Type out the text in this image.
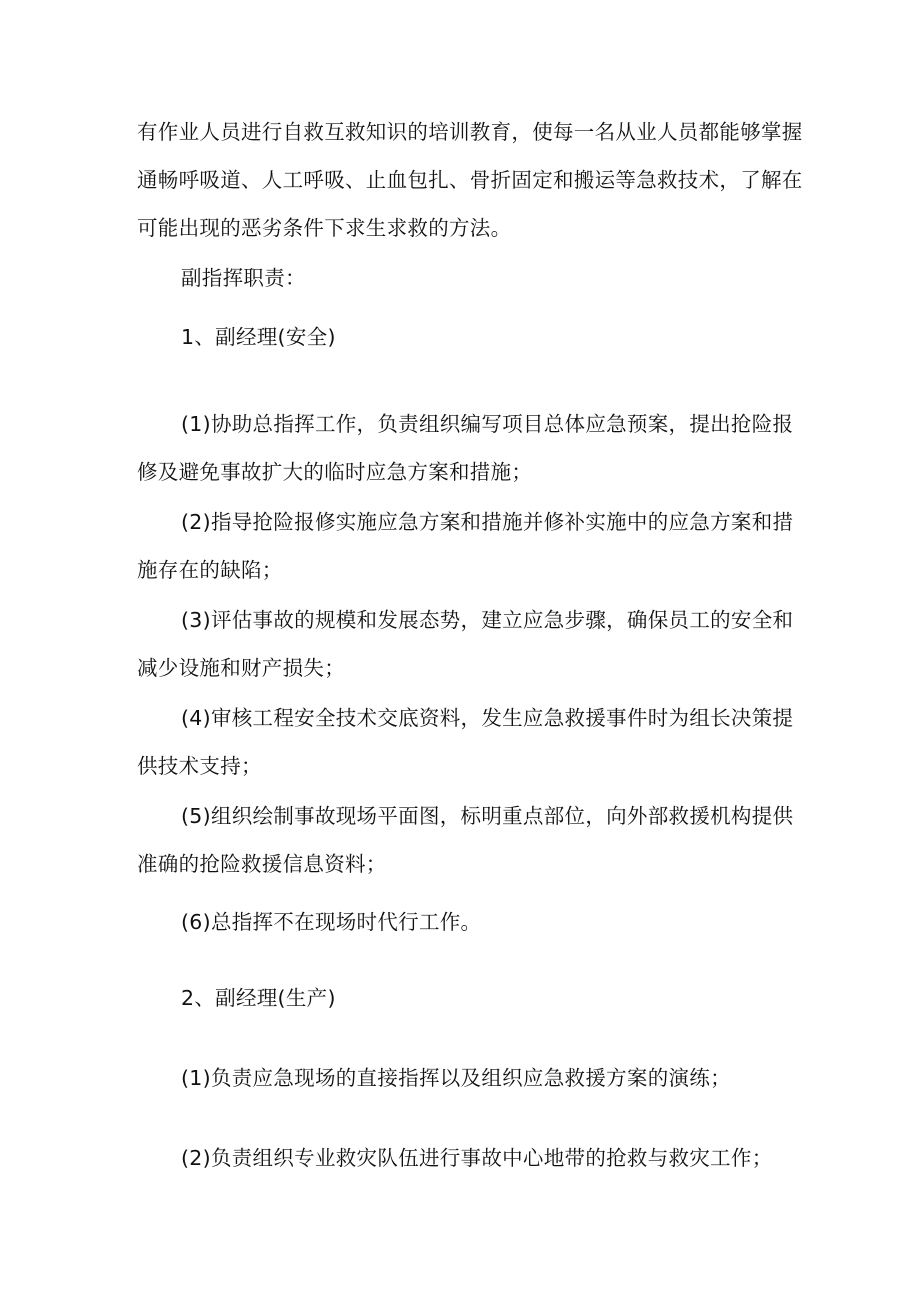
有作业人员进行自救互救知识的培训教育，使每一名从业人员都能够掌握
通畅呼吸道、人工呼吸、止血包扎、骨折固定和搬运等急救技术，了解在
可能出现的恶劣条件下求生求救的方法。
副指挥职责：
1、副经理(安全)
(1)协助总指挥工作，负责组织编写项目总体应急预案，提出抢险报
修及避免事故扩大的临时应急方案和措施；
(2)指导抢险报修实施应急方案和措施并修补实施中的应急方案和措
施存在的缺陷；
(3)评估事故的规模和发展态势，建立应急步骤，确保员工的安全和
减少设施和财产损失；
(4)审核工程安全技术交底资料，发生应急救援事件时为组长决策提
供技术支持；
(5)组织绘制事故现场平面图，标明重点部位，向外部救援机构提供
准确的抢险救援信息资料；
(6)总指挥不在现场时代行工作。
2、副经理(生产)
(1)负责应急现场的直接指挥以及组织应急救援方案的演练；
(2)负责组织专业救灾队伍进行事故中心地带的抢救与救灾工作；
